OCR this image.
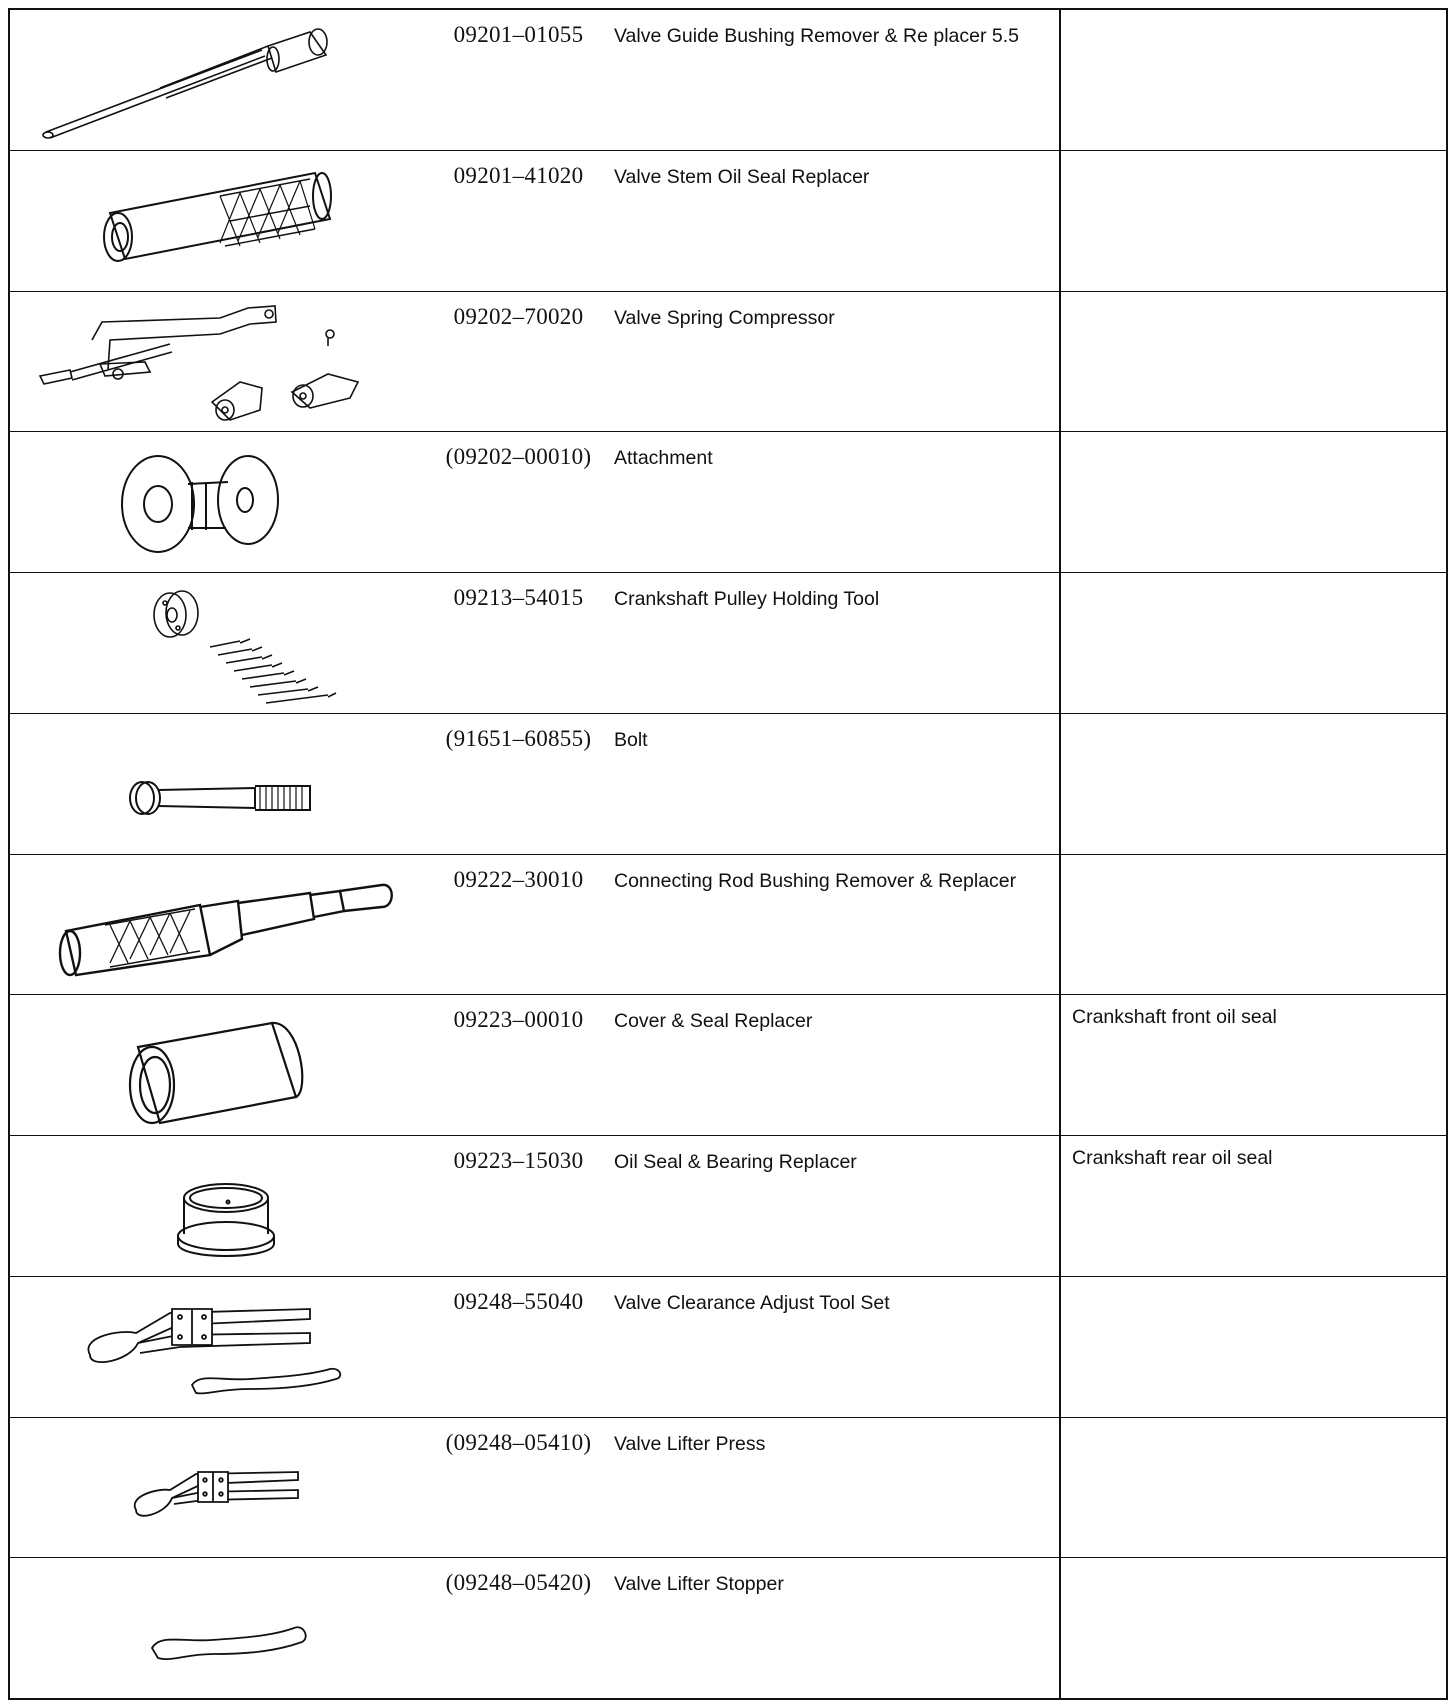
09201–01055	Valve Guide Bushing Remover & Re placer 5.5
09201–41020	Valve Stem Oil Seal Replacer
09202–70020	Valve Spring Compressor
(09202–00010)	Attachment
09213–54015	Crankshaft Pulley Holding Tool
(91651–60855)	Bolt
09222–30010	Connecting Rod Bushing Remover & Replacer
09223–00010	Cover & Seal Replacer	Crankshaft front oil seal
09223–15030	Oil Seal & Bearing Replacer	Crankshaft rear oil seal
09248–55040	Valve Clearance Adjust Tool Set
(09248–05410)	Valve Lifter Press
(09248–05420)	Valve Lifter Stopper
